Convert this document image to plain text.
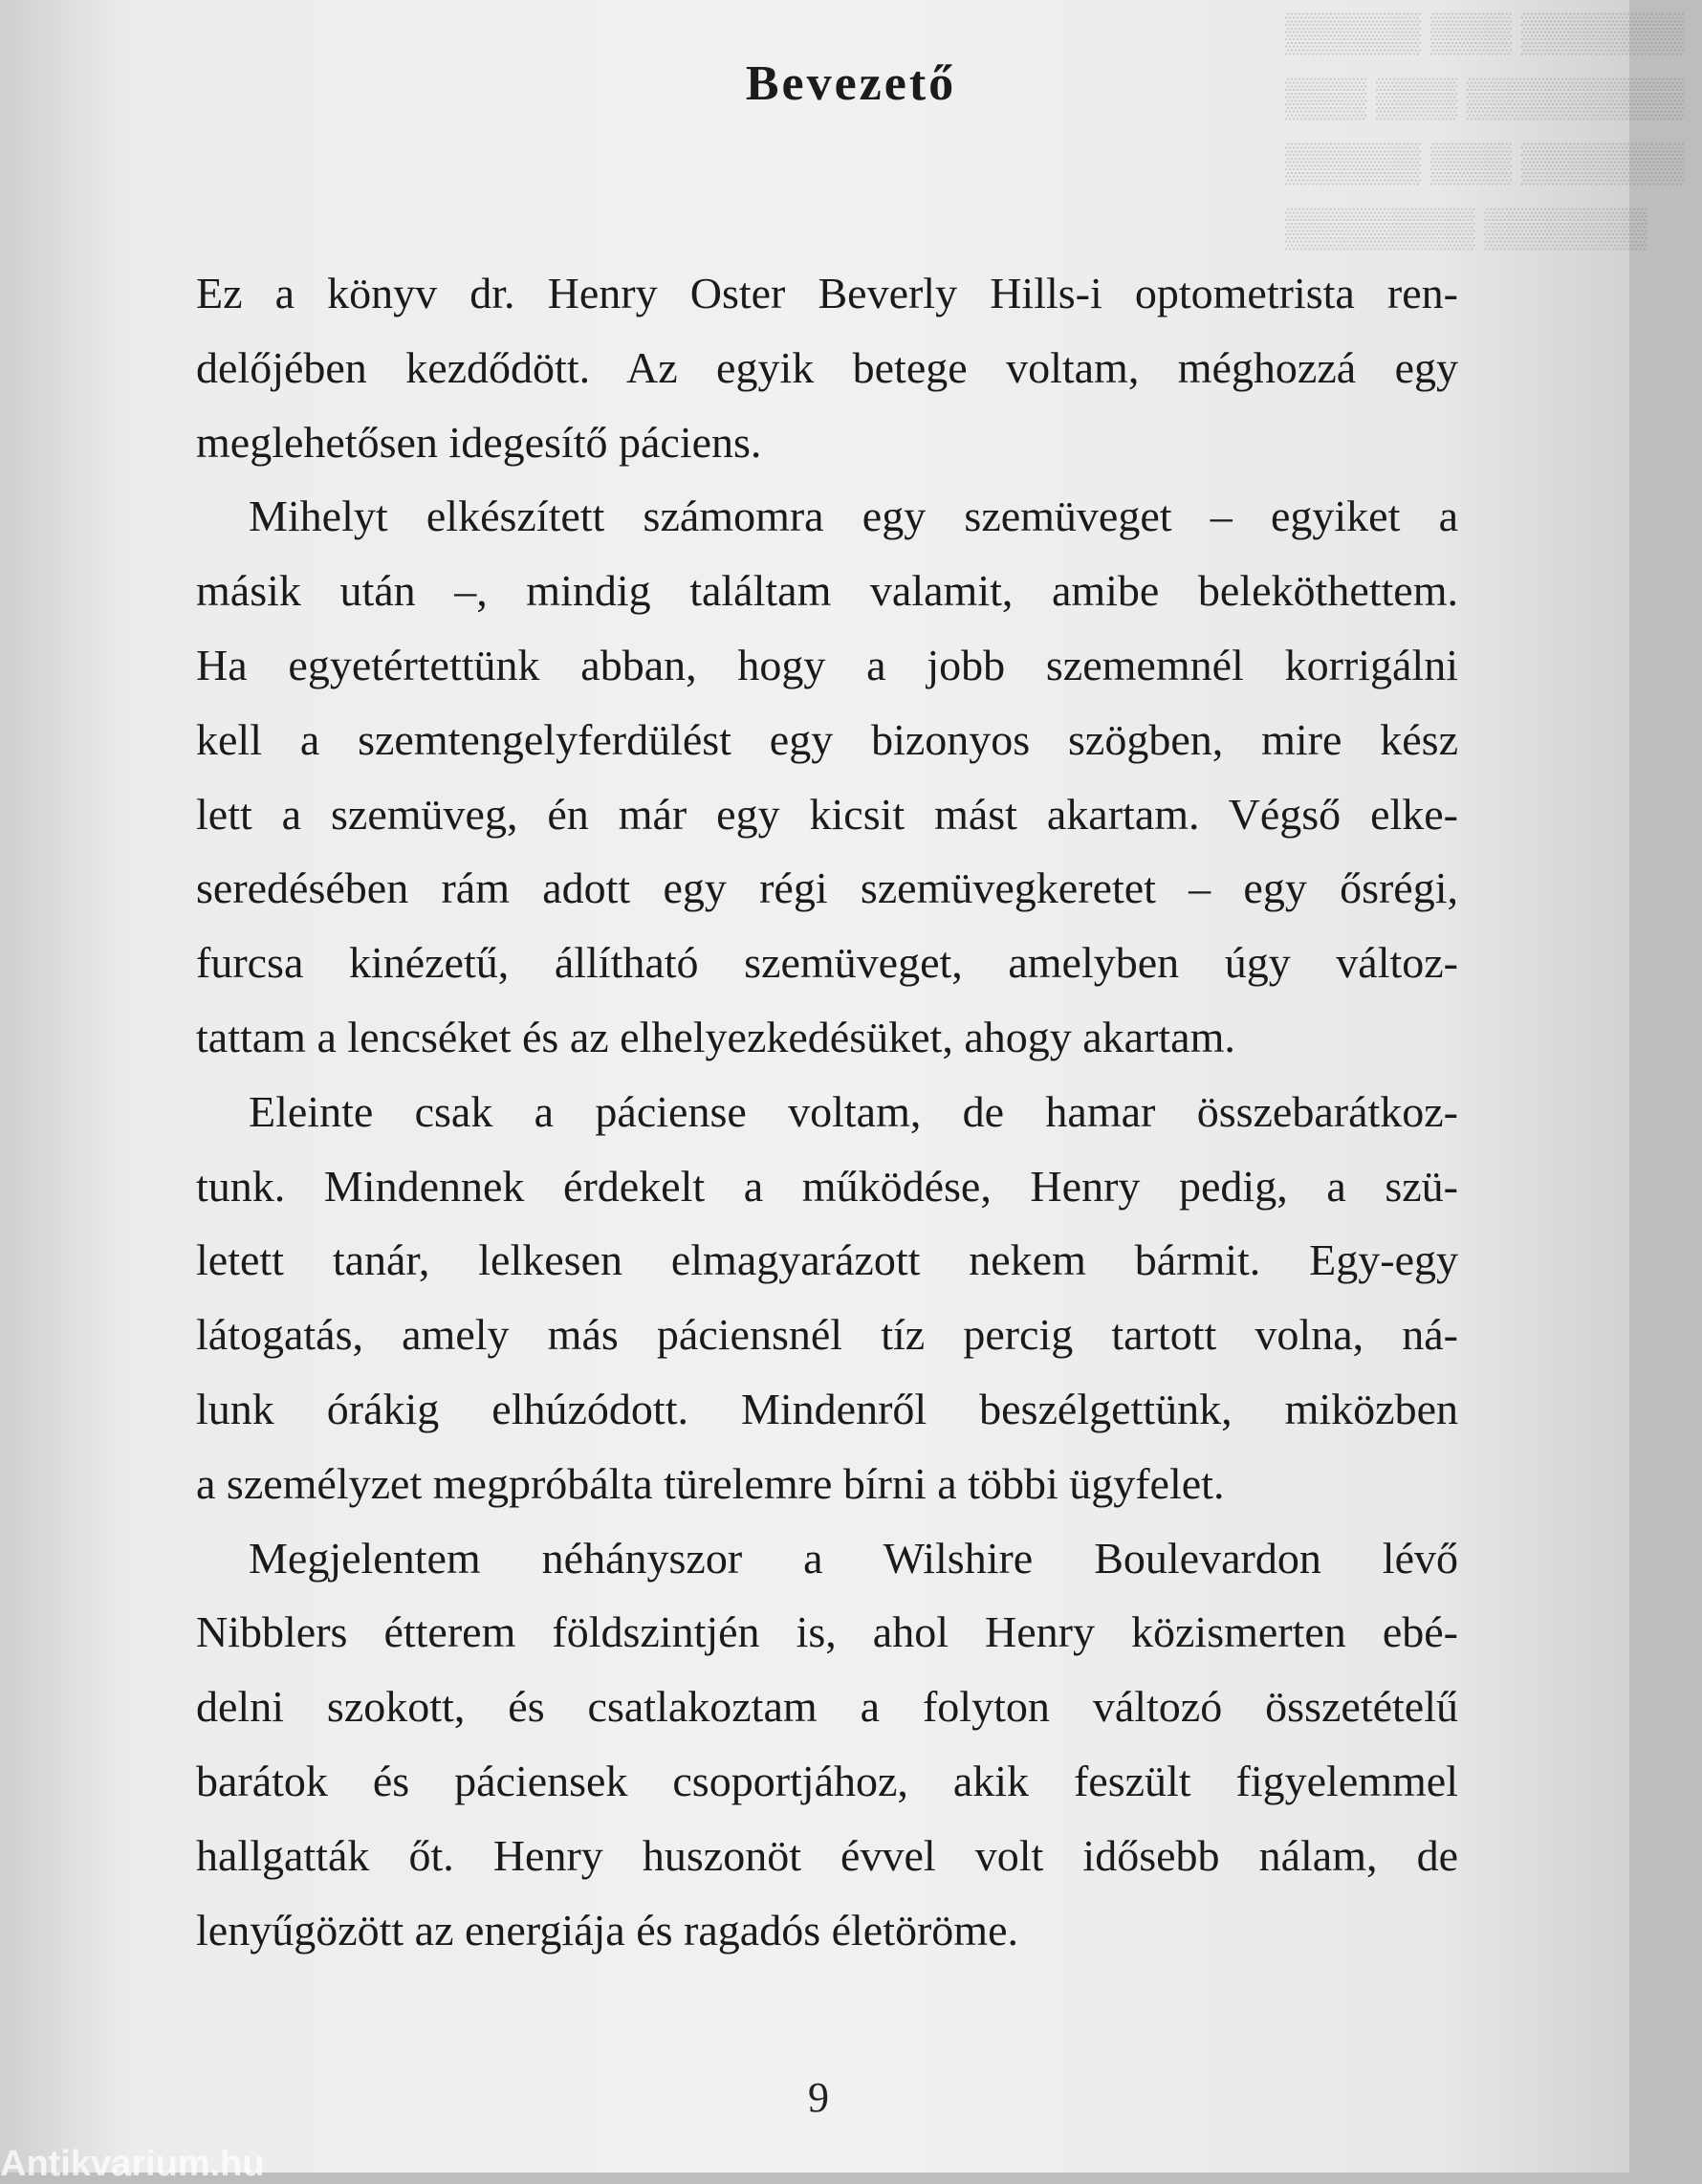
▒▒▒▒▒ ▒▒▒ ▒▒▒▒▒▒
▒▒▒ ▒▒▒ ▒▒▒▒▒▒▒▒
▒▒▒▒▒ ▒▒▒ ▒▒▒▒▒▒
▒▒▒▒▒▒▒ ▒▒▒▒▒▒
Bevezető
Ez a könyv dr. Henry Oster Beverly Hills-i optometrista ren-
delőjében kezdődött. Az egyik betege voltam, méghozzá egy
meglehetősen idegesítő páciens.
Mihelyt elkészített számomra egy szemüveget – egyiket a
másik után –, mindig találtam valamit, amibe beleköthettem.
Ha egyetértettünk abban, hogy a jobb szememnél korrigálni
kell a szemtengelyferdülést egy bizonyos szögben, mire kész
lett a szemüveg, én már egy kicsit mást akartam. Végső elke-
seredésében rám adott egy régi szemüvegkeretet – egy ősrégi,
furcsa kinézetű, állítható szemüveget, amelyben úgy változ-
tattam a lencséket és az elhelyezkedésüket, ahogy akartam.
Eleinte csak a páciense voltam, de hamar összebarátkoz-
tunk. Mindennek érdekelt a működése, Henry pedig, a szü-
letett tanár, lelkesen elmagyarázott nekem bármit. Egy-egy
látogatás, amely más páciensnél tíz percig tartott volna, ná-
lunk órákig elhúzódott. Mindenről beszélgettünk, miközben
a személyzet megpróbálta türelemre bírni a többi ügyfelet.
Megjelentem néhányszor a Wilshire Boulevardon lévő
Nibblers étterem földszintjén is, ahol Henry közismerten ebé-
delni szokott, és csatlakoztam a folyton változó összetételű
barátok és páciensek csoportjához, akik feszült figyelemmel
hallgatták őt. Henry huszonöt évvel volt idősebb nálam, de
lenyűgözött az energiája és ragadós életöröme.
9
Antikvarium.hu
